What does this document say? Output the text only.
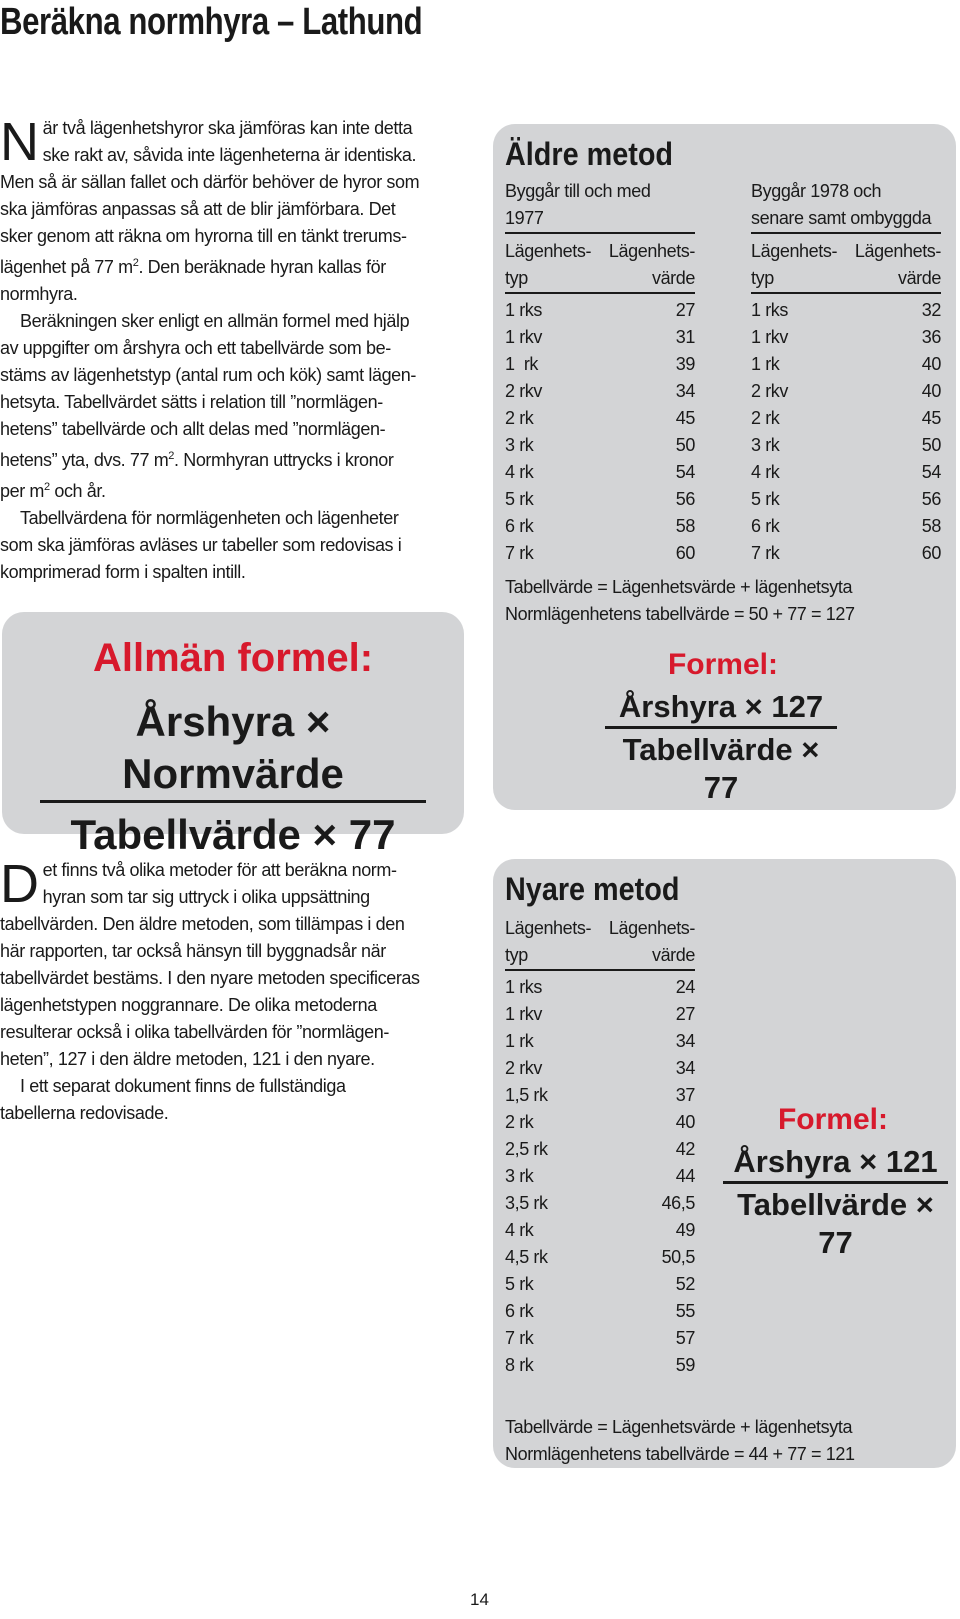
Beräkna normhyra – Lathund
N är två lägenhetshyror ska jämföras kan inte detta

ske rakt av, såvida inte lägenheterna är identiska.

Men så är sällan fallet och därför behöver de hyror som

ska jämföras anpassas så att de blir jämförbara. Det

sker genom att räkna om hyrorna till en tänkt trerums-

lägenhet på 77 $m^2$. Den beräknade hyran kallas för

normhyra.

Beräkningen sker enligt en allmän formel med hjälp

av uppgifter om årshyra och ett tabellvärde som be-

stäms av lägenhetstyp (antal rum och kök) samt lägen-

hetsyta. Tabellvärdet sätts i relation till ”normlägen-

hetens” tabellvärde och allt delas med ”normlägen-

hetens” yta, dvs. 77 $m^2$. Normhyran uttrycks i kronor

per $m^2$ och år.

Tabellvärdena för normlägenheten och lägenheter

som ska jämföras avläses ur tabeller som redovisas i

komprimerad form i spalten intill.

Allmän formel:
Årshyra × Normvärde
Tabellvärde × 77
D et finns två olika metoder för att beräkna norm-

hyran som tar sig uttryck i olika uppsättning

tabellvärden. Den äldre metoden, som tillämpas i den

här rapporten, tar också hänsyn till byggnadsår när

tabellvärdet bestäms. I den nyare metoden specificeras

lägenhetstypen noggrannare. De olika metoderna

resulterar också i olika tabellvärden för ”normlägen-

heten”, 127 i den äldre metoden, 121 i den nyare.

I ett separat dokument finns de fullständiga

tabellerna redovisade.

Äldre metod
Byggår till och med
1977
Lägenhets- Lägenhets-
typ	värde
1 rks	27
1 rkv	31
1  rk	39
2 rkv	34
2 rk	45
3 rk	50
4 rk	54
5 rk	56
6 rk	58
7 rk	60
Byggår 1978 och
senare samt ombyggda
Lägenhets- Lägenhets-
typ	värde
1 rks	32
1 rkv	36
1 rk	40
2 rkv	40
2 rk	45
3 rk	50
4 rk	54
5 rk	56
6 rk	58
7 rk	60
Tabellvärde = Lägenhetsvärde + lägenhetsyta
Normlägenhetens tabellvärde = 50 + 77 = 127
Formel:
Årshyra × 127
Tabellvärde × 77
Nyare metod
Lägenhets- Lägenhets-
typ	värde
1 rks	24
1 rkv	27
1 rk	34
2 rkv	34
1,5 rk	37
2 rk	40
2,5 rk	42
3 rk	44
3,5 rk	46,5
4 rk	49
4,5 rk	50,5
5 rk	52
6 rk	55
7 rk	57
8 rk	59
Formel:
Årshyra × 121
Tabellvärde × 77
Tabellvärde = Lägenhetsvärde + lägenhetsyta
Normlägenhetens tabellvärde = 44 + 77 = 121
14
